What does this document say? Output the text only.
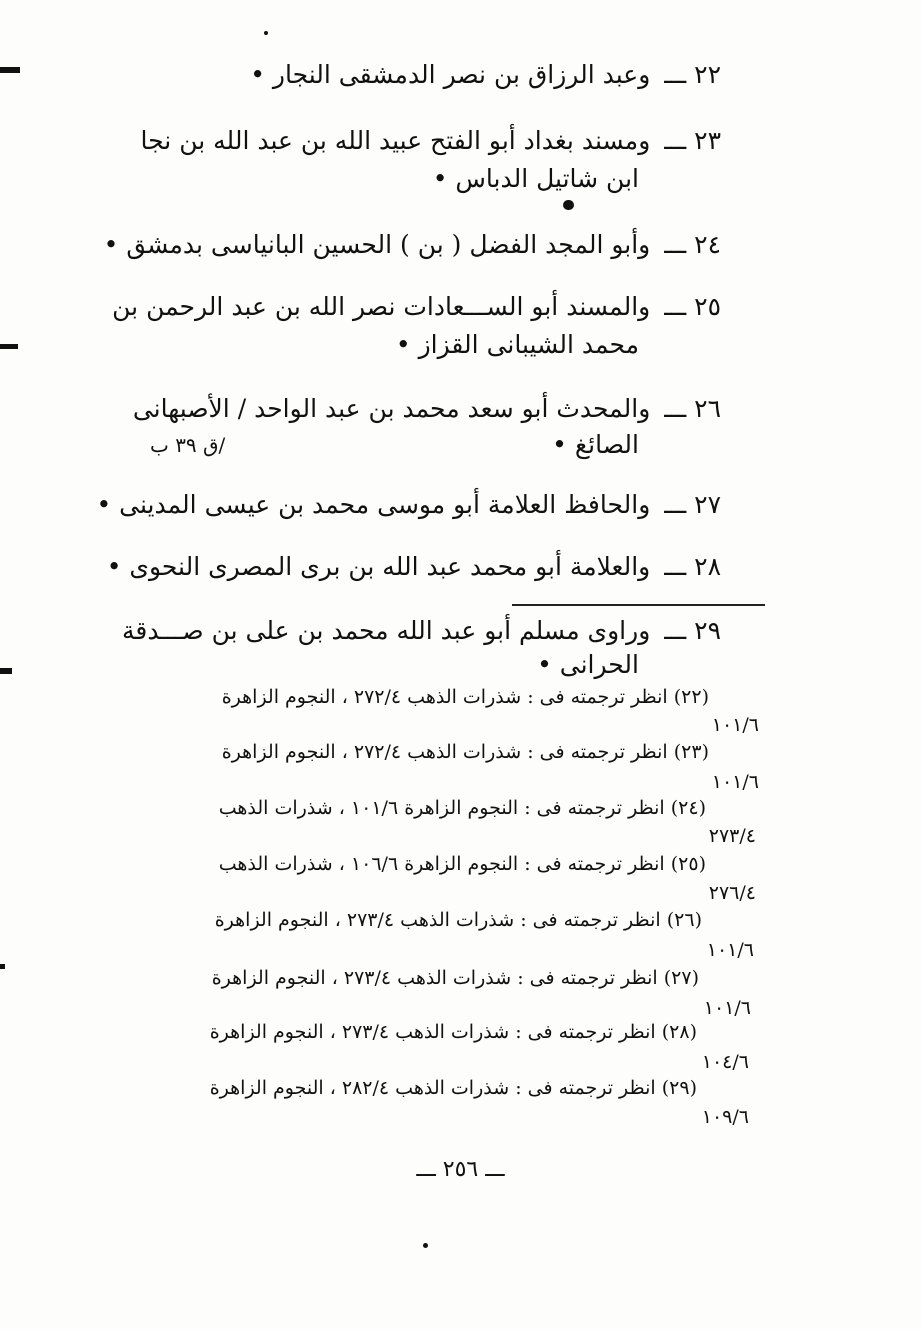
٢٢ ـــ وعبد الرزاق بن نصر الدمشقى النجار •
٢٣ ـــ ومسند بغداد أبو الفتح عبيد الله بن عبد الله بن نجا
ابن شاتيل الدباس •
٢٤ ـــ وأبو المجد الفضل ( بن ) الحسين البانياسى بدمشق •
٢٥ ـــ والمسند أبو الســـعادات نصر الله بن عبد الرحمن بن
محمد الشيبانى القزاز •
٢٦ ـــ والمحدث أبو سعد محمد بن عبد الواحد / الأصبهانى
الصائغ •
/ق ٣٩ ب
٢٧ ـــ والحافظ العلامة أبو موسى محمد بن عيسى المدينى •
٢٨ ـــ والعلامة أبو محمد عبد الله بن برى المصرى النحوى •
٢٩ ـــ وراوى مسلم أبو عبد الله محمد بن على بن صـــدقة
الحرانى •
(٢٢) انظر ترجمته فى : شذرات الذهب ٢٧٢/٤ ، النجوم الزاهرة
١٠١/٦
(٢٣) انظر ترجمته فى : شذرات الذهب ٢٧٢/٤ ، النجوم الزاهرة
١٠١/٦
(٢٤) انظر ترجمته فى : النجوم الزاهرة ١٠١/٦ ، شذرات الذهب
٢٧٣/٤
(٢٥) انظر ترجمته فى : النجوم الزاهرة ١٠٦/٦ ، شذرات الذهب
٢٧٦/٤
(٢٦) انظر ترجمته فى : شذرات الذهب ٢٧٣/٤ ، النجوم الزاهرة
١٠١/٦
(٢٧) انظر ترجمته فى : شذرات الذهب ٢٧٣/٤ ، النجوم الزاهرة
١٠١/٦
(٢٨) انظر ترجمته فى : شذرات الذهب ٢٧٣/٤ ، النجوم الزاهرة
١٠٤/٦
(٢٩) انظر ترجمته فى : شذرات الذهب ٢٨٢/٤ ، النجوم الزاهرة
١٠٩/٦
ـــ ٢٥٦ ـــ
